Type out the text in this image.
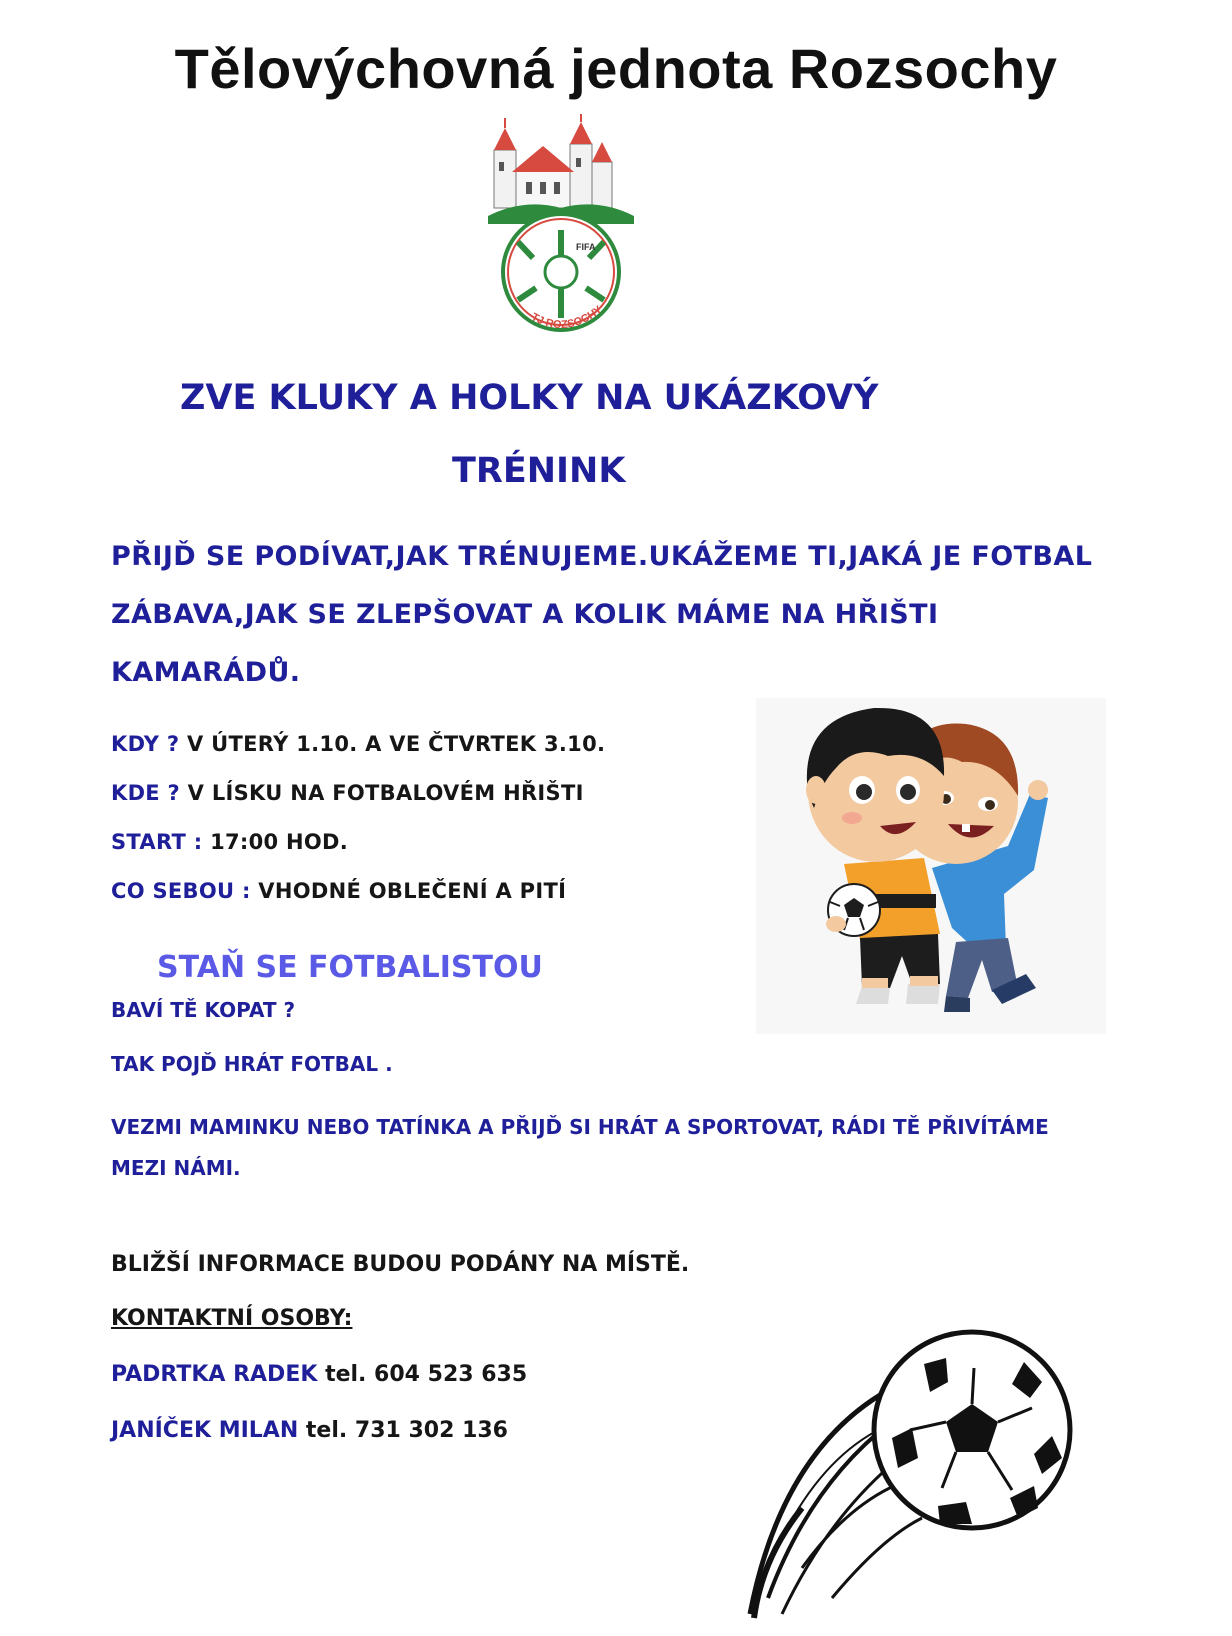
Tělovýchovná jednota Rozsochy
FIFA
TJ ROZSOCHY
ZVE KLUKY A HOLKY NA UKÁZKOVÝ
TRÉNINK
PŘIJĎ SE PODÍVAT,JAK TRÉNUJEME.UKÁŽEME TI,JAKÁ JE FOTBAL ZÁBAVA,JAK SE ZLEPŠOVAT A KOLIK MÁME NA HŘIŠTI KAMARÁDŮ.
KDY ? V ÚTERÝ 1.10. A VE ČTVRTEK 3.10.
KDE ? V LÍSKU NA FOTBALOVÉM HŘIŠTI
START : 17:00 HOD.
CO SEBOU : VHODNÉ OBLEČENÍ A PITÍ
STAŇ SE FOTBALISTOU
BAVÍ TĚ KOPAT ?
TAK POJĎ HRÁT FOTBAL .
VEZMI MAMINKU NEBO TATÍNKA A PŘIJĎ SI HRÁT A SPORTOVAT, RÁDI TĚ PŘIVÍTÁME MEZI NÁMI.
BLIŽŠÍ INFORMACE BUDOU PODÁNY NA MÍSTĚ.
KONTAKTNÍ OSOBY:
PADRTKA RADEK tel. 604 523 635
JANÍČEK MILAN tel. 731 302 136
